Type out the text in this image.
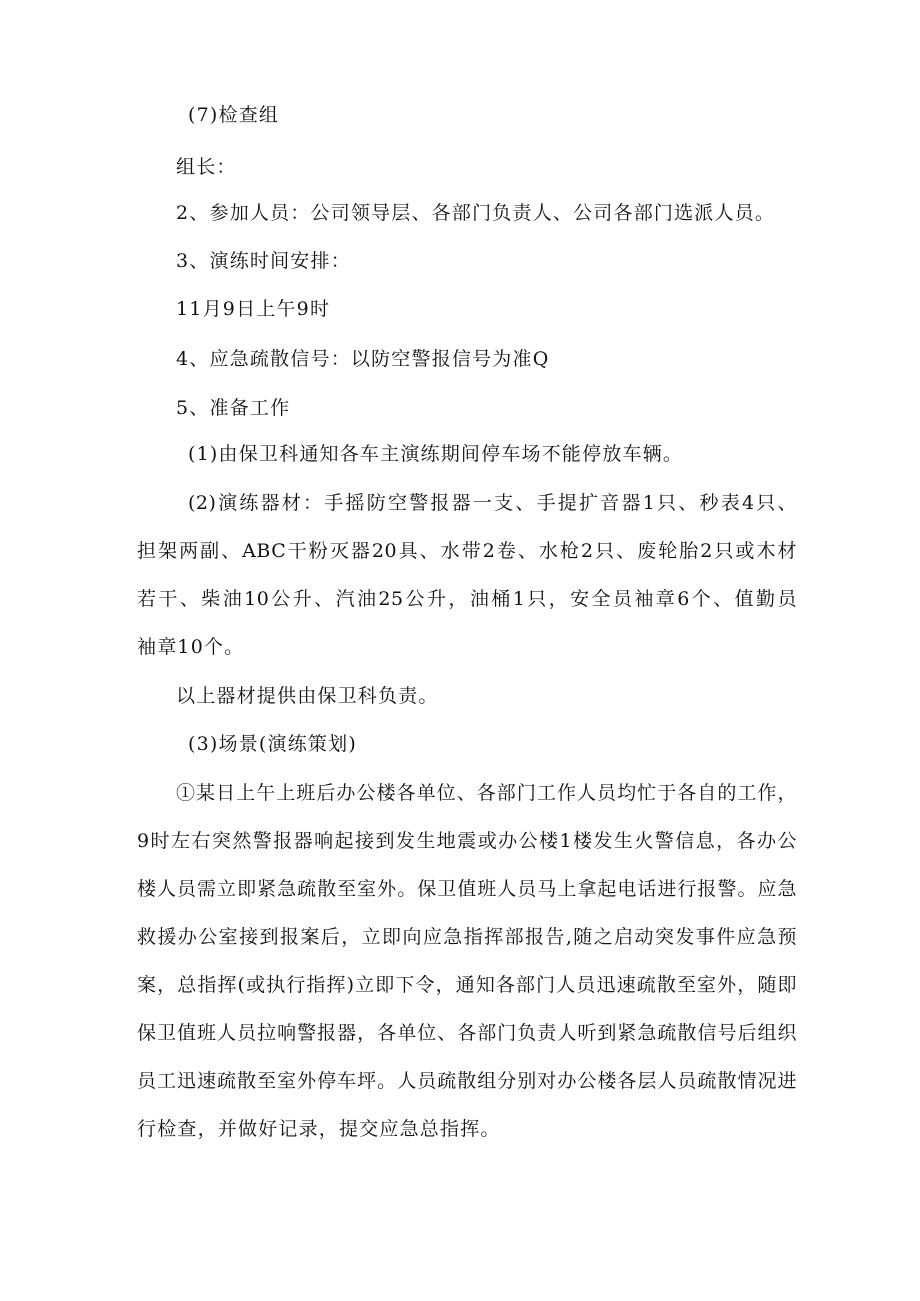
(7)检查组
组长：
2、参加人员：公司领导层、各部门负责人、公司各部门选派人员。
3、演练时间安排：
11月9日上午9时
4、应急疏散信号：以防空警报信号为准Q
5、准备工作
(1)由保卫科通知各车主演练期间停车场不能停放车辆。
(2)演练器材：手摇防空警报器一支、手提扩音器1只、秒表4只、
担架两副、ABC干粉灭器20具、水带2卷、水枪2只、废轮胎2只或木材
若干、柴油10公升、汽油25公升，油桶1只，安全员袖章6个、值勤员
袖章10个。
以上器材提供由保卫科负责。
(3)场景(演练策划)
①某日上午上班后办公楼各单位、各部门工作人员均忙于各自的工作，
9时左右突然警报器响起接到发生地震或办公楼1楼发生火警信息，各办公
楼人员需立即紧急疏散至室外。保卫值班人员马上拿起电话进行报警。应急
救援办公室接到报案后，立即向应急指挥部报告,随之启动突发事件应急预
案，总指挥(或执行指挥)立即下令，通知各部门人员迅速疏散至室外，随即
保卫值班人员拉响警报器，各单位、各部门负责人听到紧急疏散信号后组织
员工迅速疏散至室外停车坪。人员疏散组分别对办公楼各层人员疏散情况进
行检查，并做好记录，提交应急总指挥。
